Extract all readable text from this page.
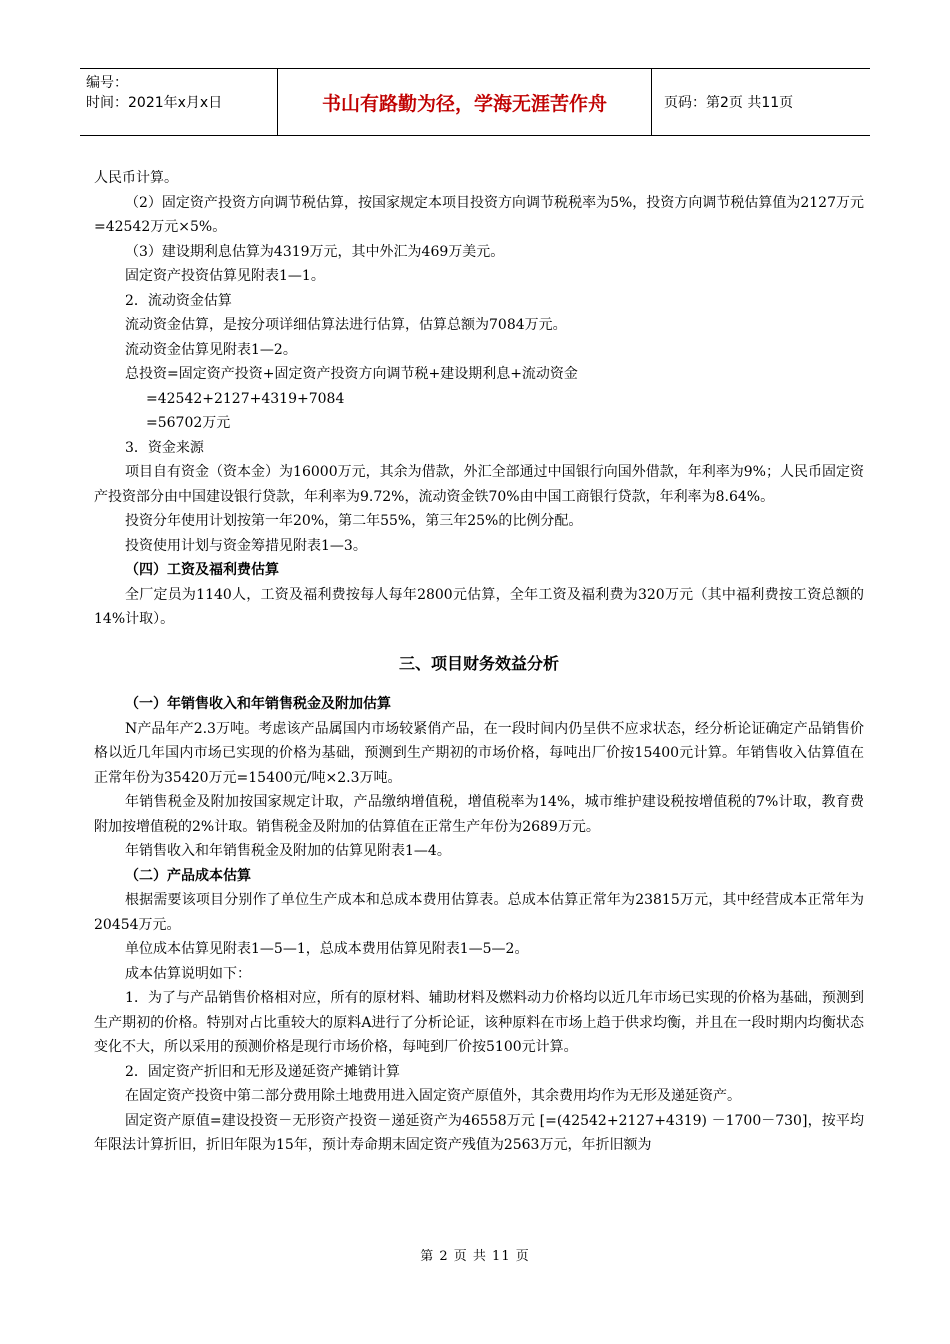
编号：
时间：2021年x月x日	书山有路勤为径，学海无涯苦作舟	页码：第2页 共11页

人民币计算。

（2）固定资产投资方向调节税估算，按国家规定本项目投资方向调节税税率为5%，投资方向调节税估算值为2127万元=42542万元×5%。

（3）建设期利息估算为4319万元，其中外汇为469万美元。

固定资产投资估算见附表1—1。

2．流动资金估算

流动资金估算，是按分项详细估算法进行估算，估算总额为7084万元。

流动资金估算见附表1—2。

总投资=固定资产投资+固定资产投资方向调节税+建设期利息+流动资金

=42542+2127+4319+7084

=56702万元

3．资金来源

项目自有资金（资本金）为16000万元，其余为借款，外汇全部通过中国银行向国外借款，年利率为9%；人民币固定资产投资部分由中国建设银行贷款，年利率为9.72%，流动资金铁70%由中国工商银行贷款，年利率为8.64%。

投资分年使用计划按第一年20%，第二年55%，第三年25%的比例分配。

投资使用计划与资金筹措见附表1—3。

（四）工资及福利费估算

全厂定员为1140人，工资及福利费按每人每年2800元估算，全年工资及福利费为320万元（其中福利费按工资总额的14%计取）。

三、项目财务效益分析

（一）年销售收入和年销售税金及附加估算

N产品年产2.3万吨。考虑该产品属国内市场较紧俏产品，在一段时间内仍呈供不应求状态，经分析论证确定产品销售价格以近几年国内市场已实现的价格为基础，预测到生产期初的市场价格，每吨出厂价按15400元计算。年销售收入估算值在正常年份为35420万元=15400元/吨×2.3万吨。

年销售税金及附加按国家规定计取，产品缴纳增值税，增值税率为14%，城市维护建设税按增值税的7%计取，教育费附加按增值税的2%计取。销售税金及附加的估算值在正常生产年份为2689万元。

年销售收入和年销售税金及附加的估算见附表1—4。

（二）产品成本估算

根据需要该项目分别作了单位生产成本和总成本费用估算表。总成本估算正常年为23815万元，其中经营成本正常年为20454万元。

单位成本估算见附表1—5—1，总成本费用估算见附表1—5—2。

成本估算说明如下：

1．为了与产品销售价格相对应，所有的原材料、辅助材料及燃料动力价格均以近几年市场已实现的价格为基础，预测到生产期初的价格。特别对占比重较大的原料A进行了分析论证，该种原料在市场上趋于供求均衡，并且在一段时期内均衡状态变化不大，所以采用的预测价格是现行市场价格，每吨到厂价按5100元计算。

2．固定资产折旧和无形及递延资产摊销计算

在固定资产投资中第二部分费用除土地费用进入固定资产原值外，其余费用均作为无形及递延资产。

固定资产原值=建设投资－无形资产投资－递延资产为46558万元 [=(42542+2127+4319) －1700－730]，按平均年限法计算折旧，折旧年限为15年，预计寿命期末固定资产残值为2563万元，年折旧额为

第 2 页 共 11 页
